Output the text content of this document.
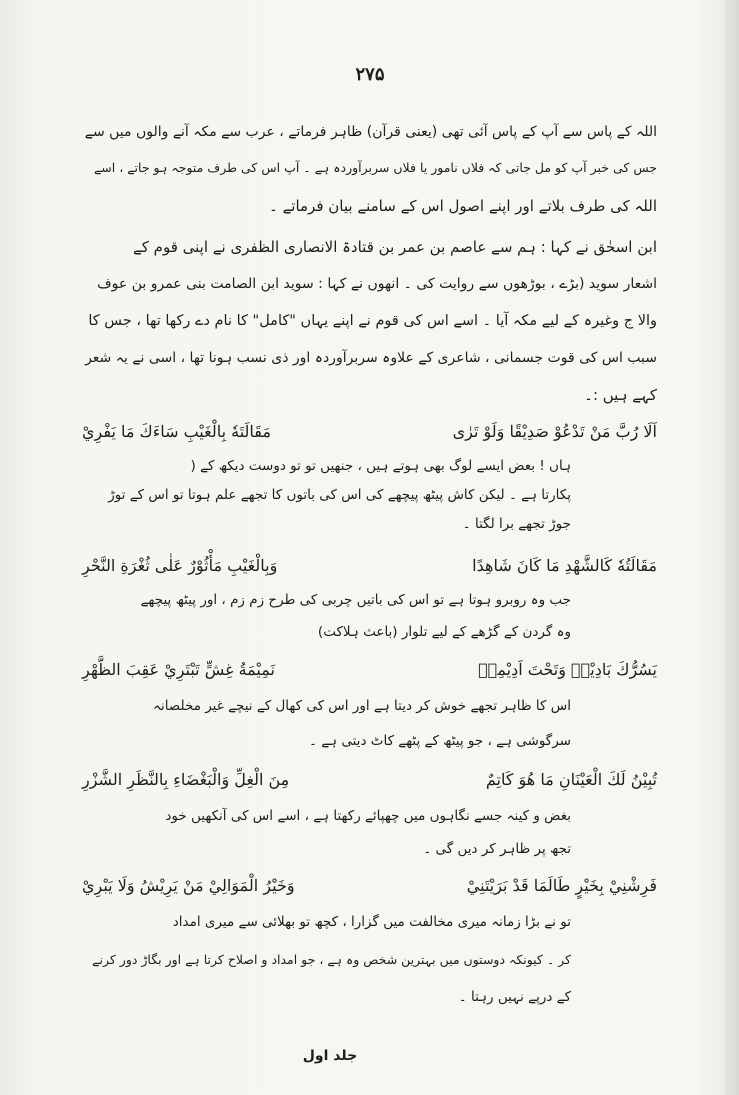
۲۷۵
اللہ کے پاس سے آپ کے پاس آئی تھی (یعنی قرآن) ظاہر فرماتے ، عرب سے مکہ آنے والوں میں سے
جس کی خبر آپ کو مل جاتی کہ فلاں نامور یا فلاں سربرآوردہ ہے ۔ آپ اس کی طرف متوجہ ہو جاتے ، اسے
اللہ کی طرف بلاتے اور اپنے اصول اس کے سامنے بیان فرماتے ۔
ابن اسحٰق نے کہا : ہم سے عاصم بن عمر بن قتادۃ الانصاری الظفری نے اپنی قوم کے
اشعار سوید (بڑے ، بوڑھوں سے روایت کی ۔ انھوں نے کہا : سوید ابن الصامت بنی عمرو بن عوف
والا ج وغیرہ کے لیے مکہ آیا ۔ اسے اس کی قوم نے اپنے یہاں "کامل" کا نام دے رکھا تھا ، جس کا
سبب اس کی قوت جسمانی ، شاعری کے علاوہ سربرآوردہ اور ذی نسب ہونا تھا ، اسی نے یہ شعر
کہے ہیں :۔
اَلَا رُبَّ مَنْ تَدْعُوْ صَدِيْقًا وَلَوْ تَرٰى
مَقَالَتَهٗ بِالْغَيْبِ سَاءَكَ مَا يَفْرِيْ
ہاں ! بعض ایسے لوگ بھی ہوتے ہیں ، جنھیں تو تو دوست دیکھ کے (
پکارتا ہے ۔ لیکن کاش پیٹھ پیچھے کی اس کی باتوں کا تجھے علم ہوتا تو اس کے توڑ
جوڑ تجھے برا لگتا ۔
مَقَالَتُهٗ كَالشَّهْدِ مَا كَانَ شَاهِدًا
وَبِالْغَيْبِ مَأْثُوْرٌ عَلٰى ثُغْرَةِ النَّحْرِ
جب وہ روبرو ہوتا ہے تو اس کی باتیں چربی کی طرح زم زم ، اور پیٹھ پیچھے
وہ گردن کے گڑھے کے لیے تلوار (باعث ہلاکت)
يَسُرُّكَ بَادِيْهٖ وَتَحْتَ اَدِيْمِهٖ
نَمِيْمَةُ غِشٍّ تَبْتَرِيْ عَقِبَ الظَّهْرِ
اس کا ظاہر تجھے خوش کر دیتا ہے اور اس کی کھال کے نیچے غیر مخلصانہ
سرگوشی ہے ، جو پیٹھ کے پٹھے کاٹ دیتی ہے ۔
تُبِيْنُ لَكَ الْعَيْنَانِ مَا هُوَ كَاتِمٌ
مِنَ الْغِلِّ وَالْبَغْضَاءِ بِالنَّظَرِ الشَّزْرِ
بغض و کینہ جسے نگاہوں میں چھپائے رکھتا ہے ، اسے اس کی آنکھیں خود
تجھ پر ظاہر کر دیں گی ۔
فَرِشْنِيْ بِخَيْرٍ طَالَمَا قَدْ بَرَيْتَنِيْ
وَخَيْرُ الْمَوَالِيْ مَنْ يَرِيْشُ وَلَا يَبْرِيْ
تو نے بڑا زمانہ میری مخالفت میں گزارا ، کچھ تو بھلائی سے میری امداد
کر ۔ کیونکہ دوستوں میں بہترین شخص وہ ہے ، جو امداد و اصلاح کرتا ہے اور بگاڑ دور کرنے
کے درپے نہیں رہتا ۔
جلد اول
